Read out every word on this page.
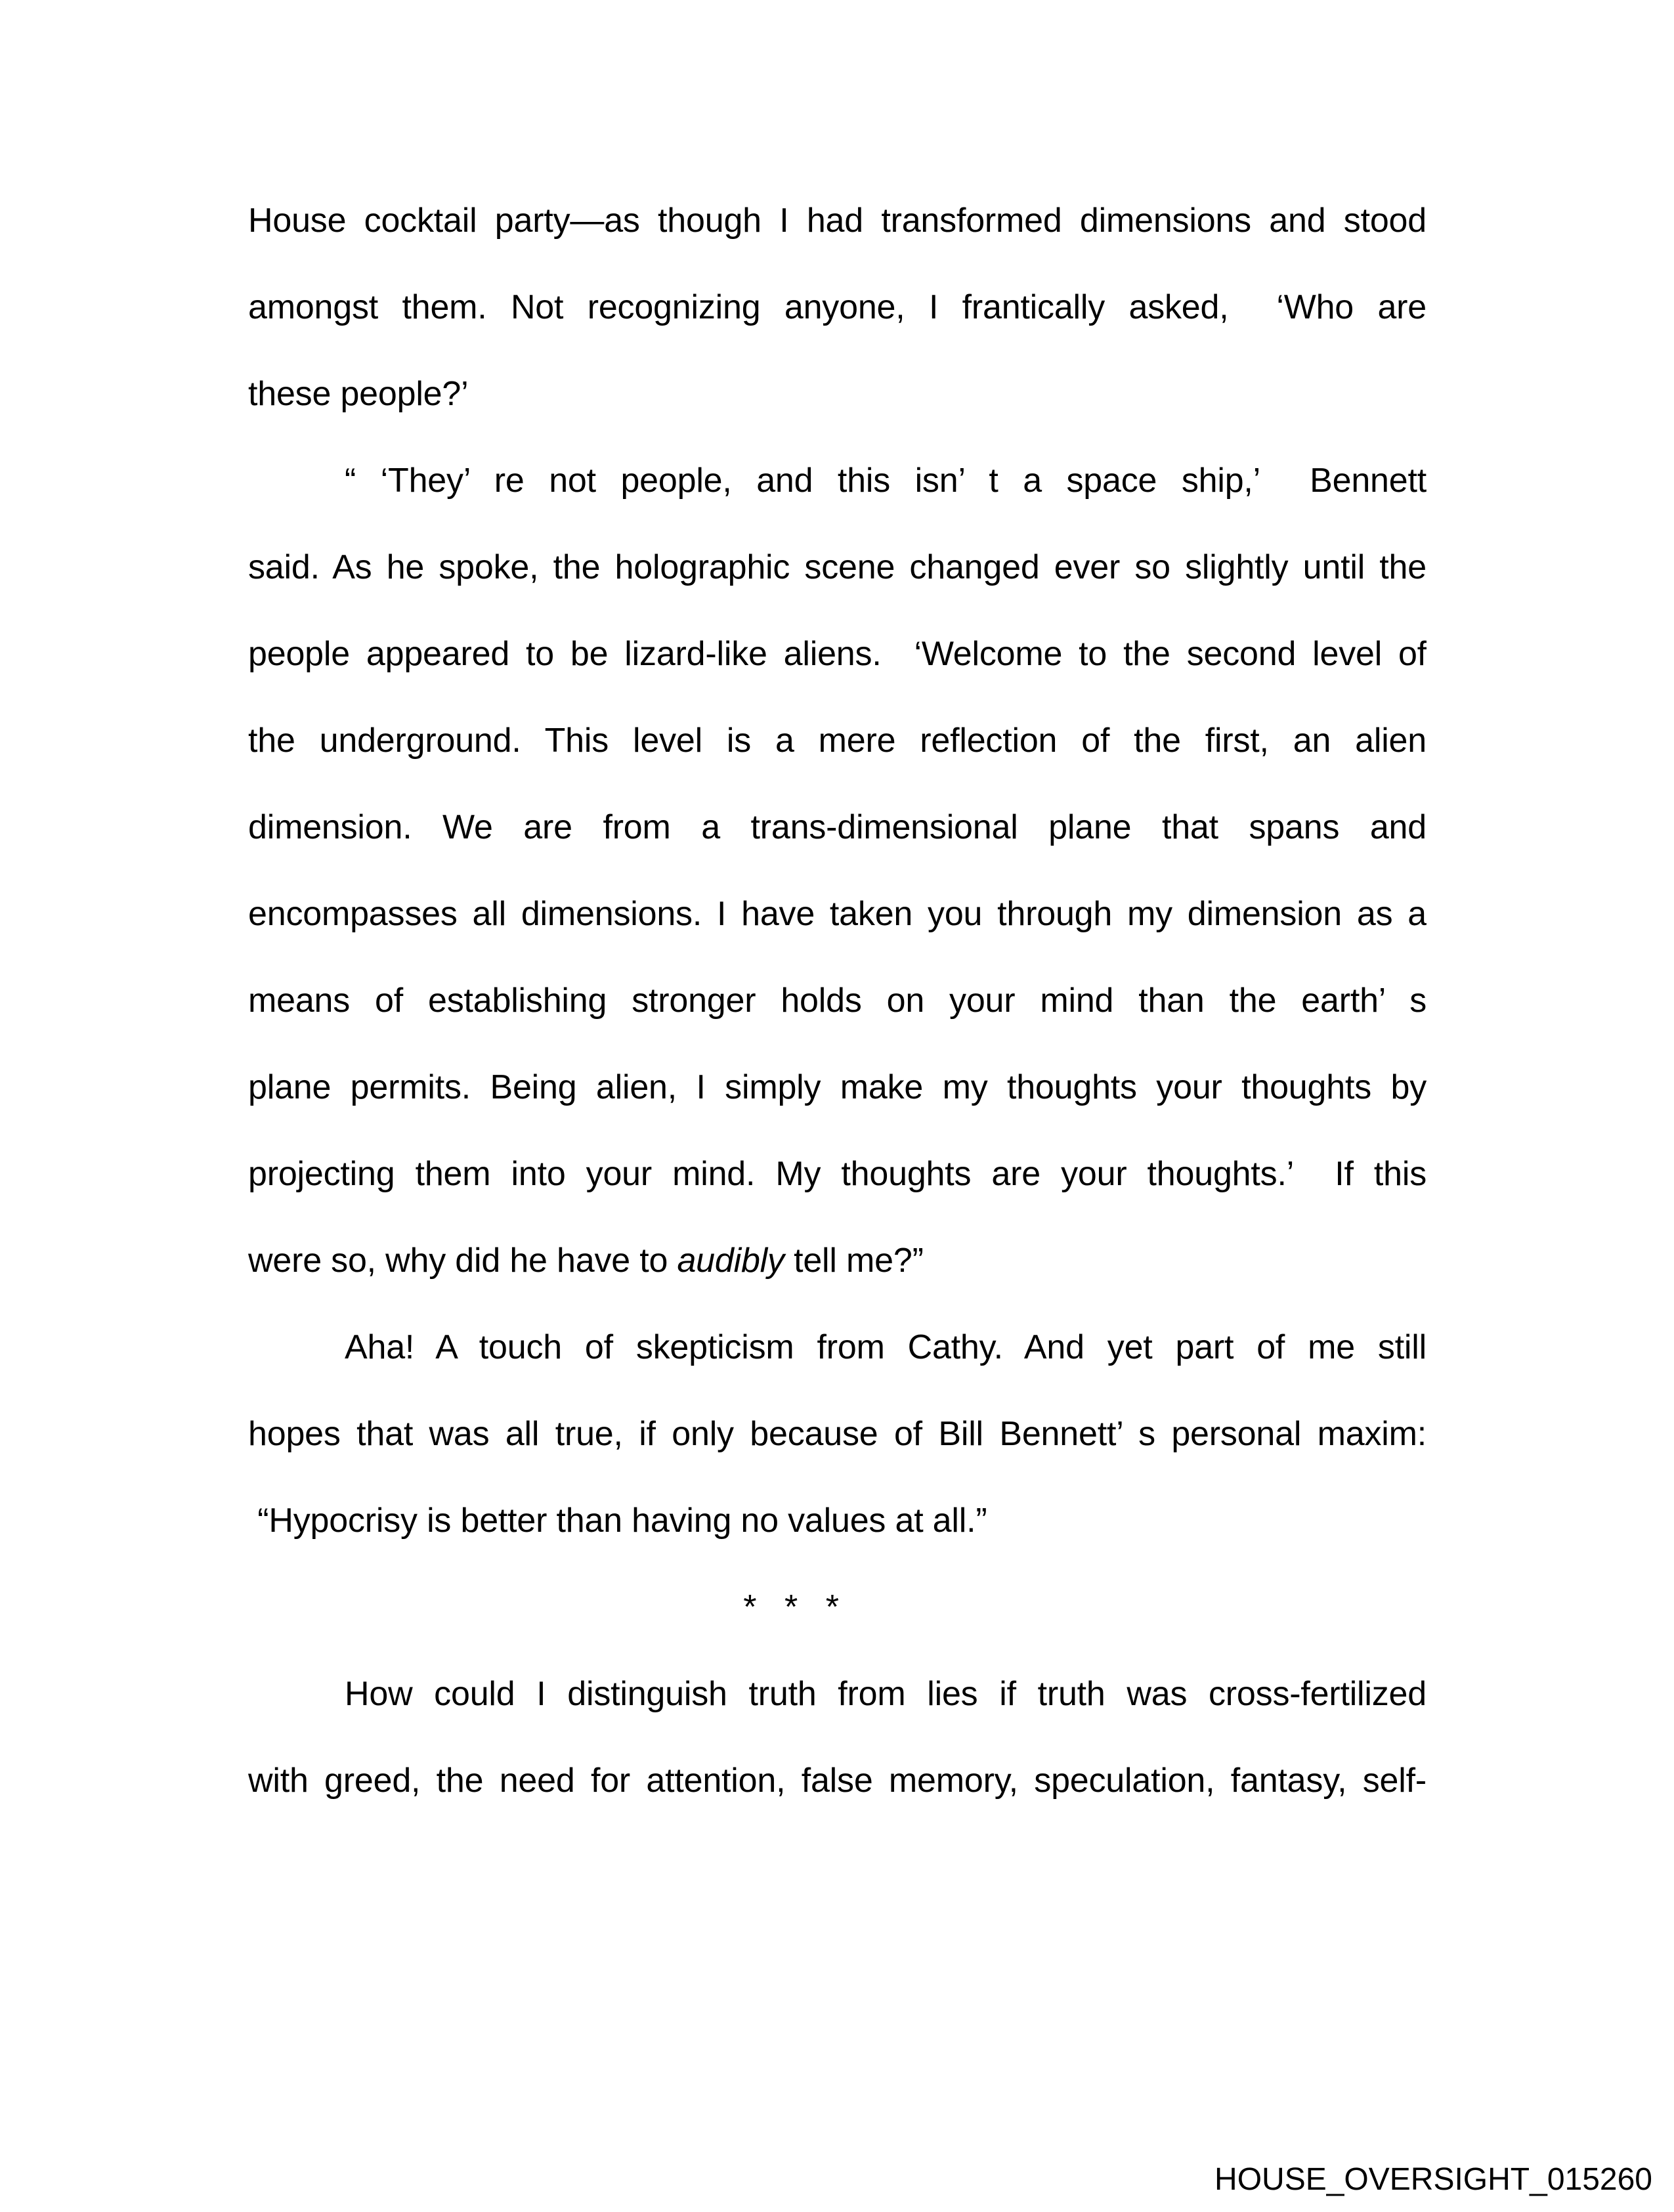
House cocktail party—as though I had transformed dimensions and stood
amongst them. Not recognizing anyone, I frantically asked,  ‘Who are
these people?’
“ ‘They’ re not people, and this isn’ t a space ship,’  Bennett
said. As he spoke, the holographic scene changed ever so slightly until the
people appeared to be lizard-like aliens.  ‘Welcome to the second level of
the underground. This level is a mere reflection of the first, an alien
dimension. We are from a trans-dimensional plane that spans and
encompasses all dimensions. I have taken you through my dimension as a
means of establishing stronger holds on your mind than the earth’ s
plane permits. Being alien, I simply make my thoughts your thoughts by
projecting them into your mind. My thoughts are your thoughts.’  If this
were so, why did he have to audibly tell me?”
Aha! A touch of skepticism from Cathy. And yet part of me still
hopes that was all true, if only because of Bill Bennett’ s personal maxim:
“Hypocrisy is better than having no values at all.”
*   *   *
How could I distinguish truth from lies if truth was cross-fertilized
with greed, the need for attention, false memory, speculation, fantasy, self-
HOUSE_OVERSIGHT_015260
